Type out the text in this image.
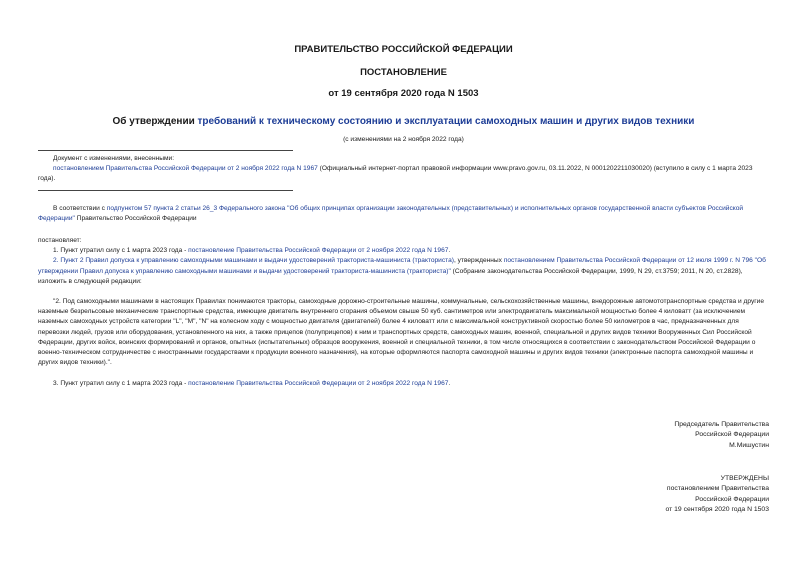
ПРАВИТЕЛЬСТВО РОССИЙСКОЙ ФЕДЕРАЦИИ
ПОСТАНОВЛЕНИЕ
от 19 сентября 2020 года N 1503
Об утверждении требований к техническому состоянию и эксплуатации самоходных машин и других видов техники
(с изменениями на 2 ноября 2022 года)

Документ с изменениями, внесенными:

постановлением Правительства Российской Федерации от 2 ноября 2022 года N 1967 (Официальный интернет-портал правовой информации www.pravo.gov.ru, 03.11.2022, N 0001202211030020) (вступило в силу с 1 марта 2023 года).

В соответствии с подпунктом 57 пункта 2 статьи 26_3 Федерального закона "Об общих принципах организации законодательных (представительных) и исполнительных органов государственной власти субъектов Российской Федерации" Правительство Российской Федерации

постановляет:

1. Пункт утратил силу с 1 марта 2023 года - постановление Правительства Российской Федерации от 2 ноября 2022 года N 1967.

2. Пункт 2 Правил допуска к управлению самоходными машинами и выдачи удостоверений тракториста-машиниста (тракториста), утвержденных постановлением Правительства Российской Федерации от 12 июля 1999 г. N 796 "Об утверждении Правил допуска к управлению самоходными машинами и выдачи удостоверений тракториста-машиниста (тракториста)" (Собрание законодательства Российской Федерации, 1999, N 29, ст.3759; 2011, N 20, ст.2828), изложить в следующей редакции:

"2. Под самоходными машинами в настоящих Правилах понимаются тракторы, самоходные дорожно-строительные машины, коммунальные, сельскохозяйственные машины, внедорожные автомототранспортные средства и другие наземные безрельсовые механические транспортные средства, имеющие двигатель внутреннего сгорания объемом свыше 50 куб. сантиметров или электродвигатель максимальной мощностью более 4 киловатт (за исключением наземных самоходных устройств категории "L", "M", "N" на колесном ходу с мощностью двигателя (двигателей) более 4 киловатт или с максимальной конструктивной скоростью более 50 километров в час, предназначенных для перевозки людей, грузов или оборудования, установленного на них, а также прицепов (полуприцепов) к ним и транспортных средств, самоходных машин, военной, специальной и других видов техники Вооруженных Сил Российской Федерации, других войск, воинских формирований и органов, опытных (испытательных) образцов вооружения, военной и специальной техники, в том числе относящихся в соответствии с законодательством Российской Федерации о военно-техническом сотрудничестве с иностранными государствами к продукции военного назначения), на которые оформляются паспорта самоходной машины и других видов техники (электронные паспорта самоходной машины и других видов техники).".

3. Пункт утратил силу с 1 марта 2023 года - постановление Правительства Российской Федерации от 2 ноября 2022 года N 1967.

Председатель Правительства
Российской Федерации
М.Мишустин
УТВЕРЖДЕНЫ
постановлением Правительства
Российской Федерации
от 19 сентября 2020 года N 1503
